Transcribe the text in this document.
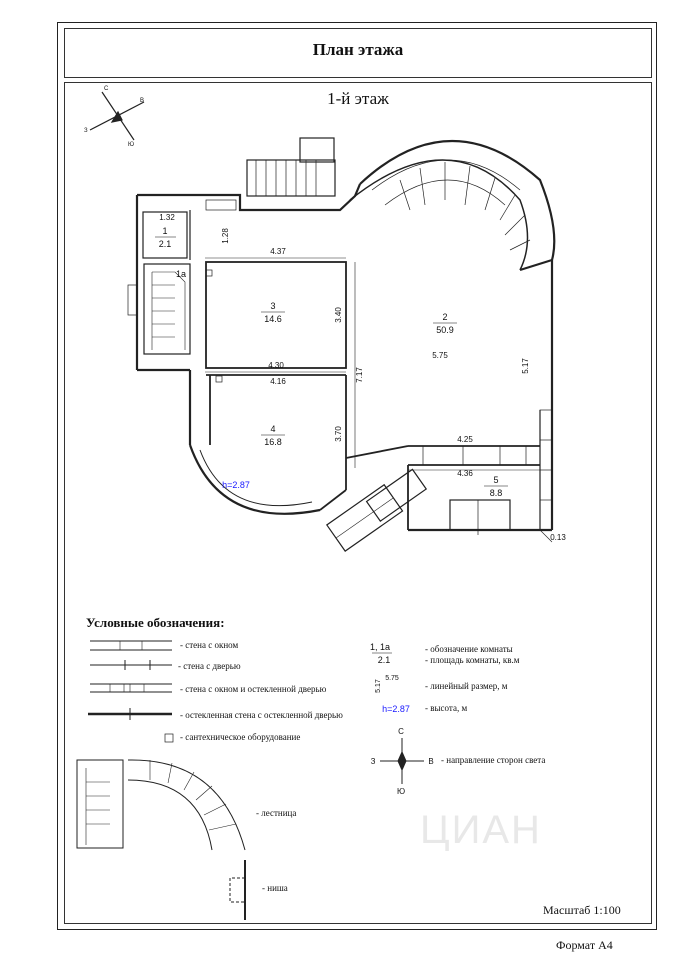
План этажа
1-й этаж
1
2.1
1а
2
50.9
3
14.6
4
16.8
5
8.8
1.32
1.28
4.37
3.40
4.30
4.16	7.17
3.70
5.75
5.17
4.25
4.36
0.13
h=2.87
1, 1а
2.1
5.17
5.75
h=2.87
С
Ю
В
З
С
Ю
В
З
ЦИАН
Условные обозначения:
- стена с окном
- стена с дверью
- стена с окном и остекленной дверью
- остекленная стена с остекленной дверью
- сантехническое оборудование
- обозначение комнаты
- площадь комнаты, кв.м
- линейный размер, м
- высота, м
- направление сторон света
- лестница
- ниша
Масштаб 1:100
Формат А4
